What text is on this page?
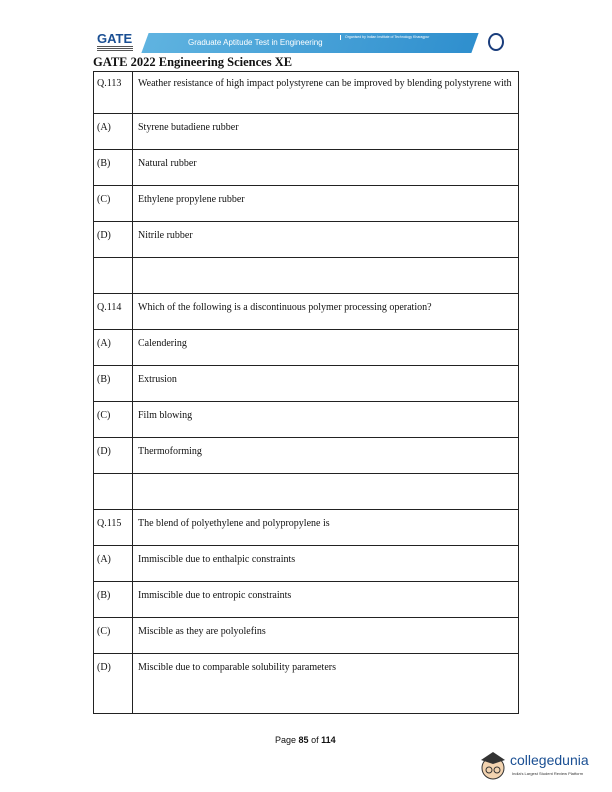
GATE	Graduate Aptitude Test in Engineering
Organised by Indian Institute of Technology Kharagpur
GATE 2022 Engineering Sciences XE
Q.113	Weather resistance of high impact polystyrene can be improved by blending polystyrene with
(A)	Styrene butadiene rubber
(B)	Natural rubber
(C)	Ethylene propylene rubber
(D)	Nitrile rubber

Q.114	Which of the following is a discontinuous polymer processing operation?
(A)	Calendering
(B)	Extrusion
(C)	Film blowing
(D)	Thermoforming

Q.115	The blend of polyethylene and polypropylene is
(A)	Immiscible due to enthalpic constraints
(B)	Immiscible due to entropic constraints
(C)	Miscible as they are polyolefins
(D)	Miscible due to comparable solubility parameters
Page 85 of 114
collegedunia
India's Largest Student Review Platform
